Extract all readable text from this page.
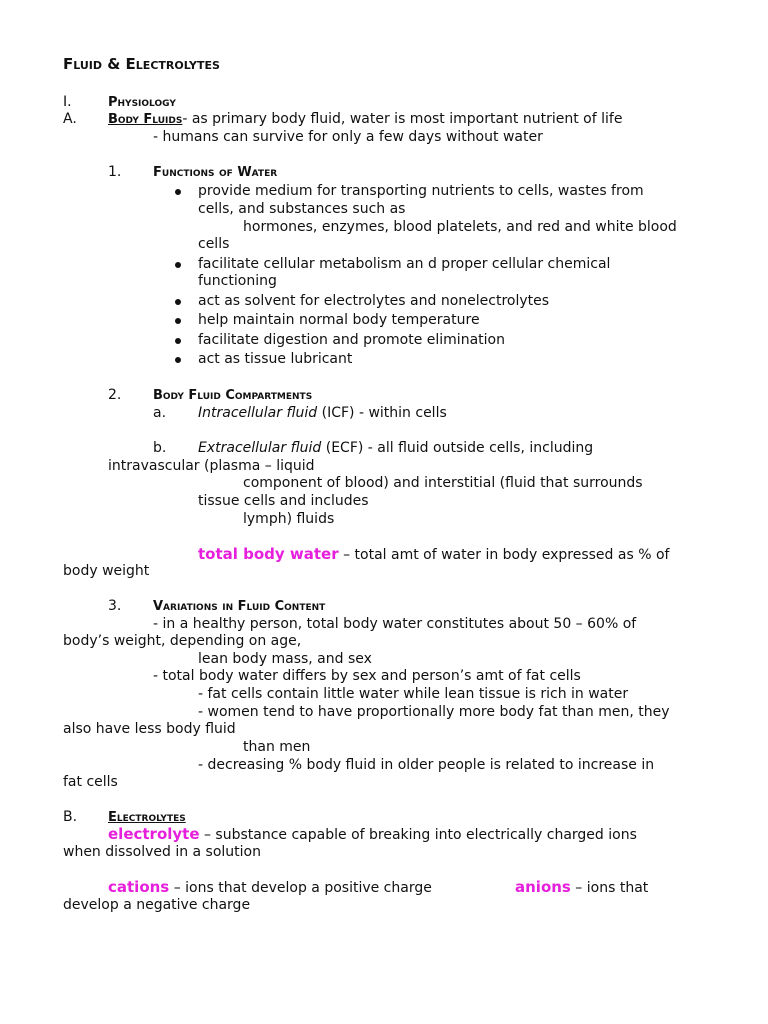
Fluid & Electrolytes
I.	Physiology
A. Body Fluids- as primary body fluid, water is most important nutrient of life
- humans can survive for only a few days without water
1. Functions of Water
provide medium for transporting nutrients to cells, wastes from
cells, and substances such as
hormones, enzymes, blood platelets, and red and white blood
cells
facilitate cellular metabolism an d proper cellular chemical
functioning
act as solvent for electrolytes and nonelectrolytes
help maintain normal body temperature
facilitate digestion and promote elimination
act as tissue lubricant
2. Body Fluid Compartments
a. Intracellular fluid (ICF) - within cells
b. Extracellular fluid (ECF) - all fluid outside cells, including
intravascular (plasma – liquid
component of blood) and interstitial (fluid that surrounds
tissue cells and includes
lymph) fluids
total body water – total amt of water in body expressed as % of
body weight
3. Variations in Fluid Content
- in a healthy person, total body water constitutes about 50 – 60% of
body’s weight, depending on age,
lean body mass, and sex
- total body water differs by sex and person’s amt of fat cells
- fat cells contain little water while lean tissue is rich in water
- women tend to have proportionally more body fat than men, they
also have less body fluid
than men
- decreasing % body fluid in older people is related to increase in
fat cells
B. Electrolytes
electrolyte – substance capable of breaking into electrically charged ions
when dissolved in a solution
cations – ions that develop a positive charge	anions – ions that
develop a negative charge
